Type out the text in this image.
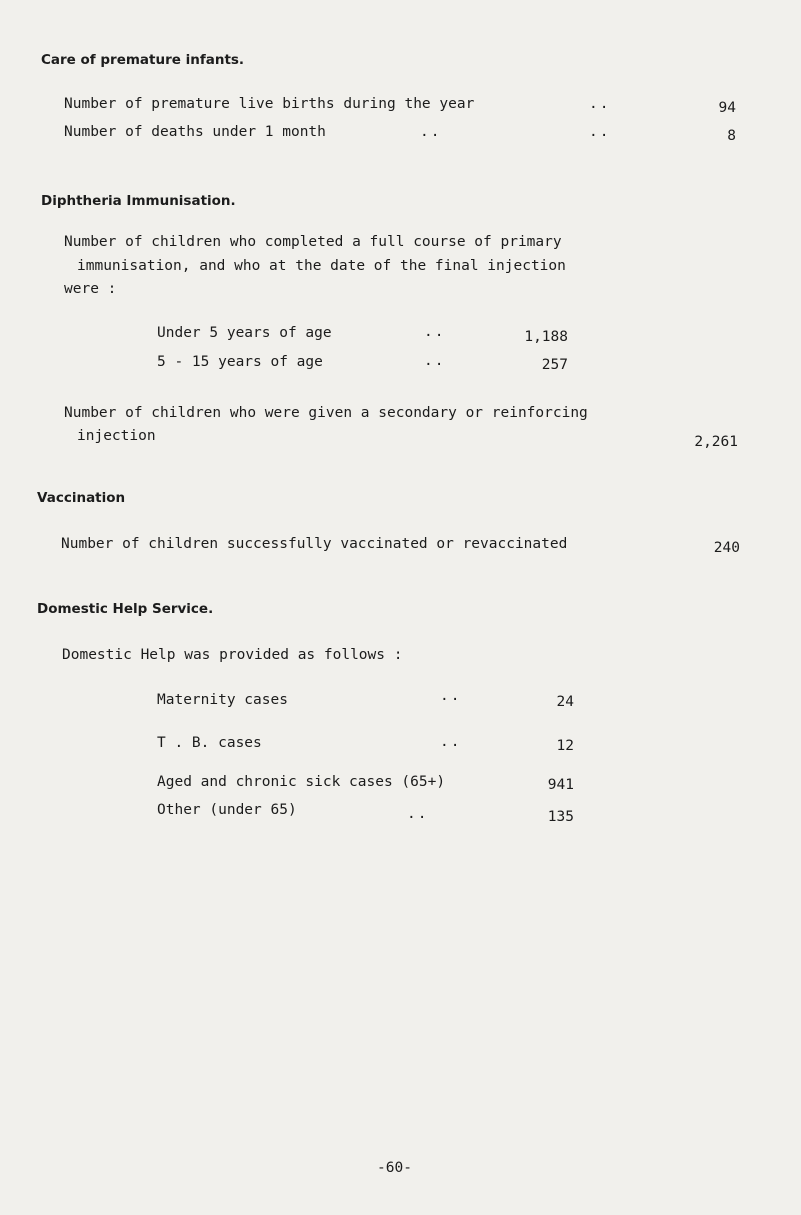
Care of premature infants.
Number of premature live births during the year	..	94
Number of deaths under 1 month	..	..	8
Diphtheria Immunisation.
Number of children who completed a full course of primary
immunisation, and who at the date of the final injection
were :
Under 5 years of age	..	1,188
5 - 15 years of age	..	257
Number of children who were given a secondary or reinforcing
injection	2,261
Vaccination
Number of children successfully vaccinated or revaccinated	240
Domestic Help Service.
Domestic Help was provided as follows :
Maternity cases	..	24
T . B. cases	..	12
Aged and chronic sick cases (65+)	941
Other (under 65)	..	135
-60-
